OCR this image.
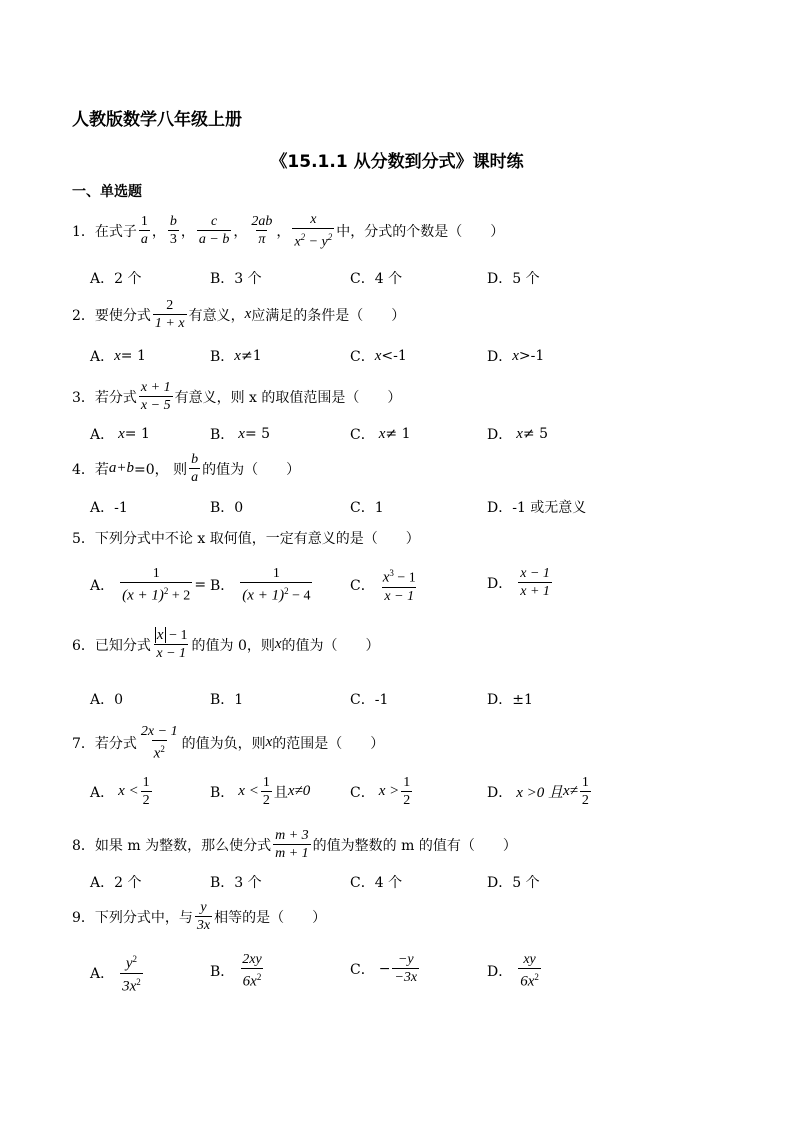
人教版数学八年级上册
《15.1.1 从分数到分式》课时练
一、单选题
1．在式子 $\frac{1}{a}$ ， $\frac{b}{3}$ ， $\frac{c}{a - b}$ ， $\frac{2ab}{\pi}$ ， $\frac{x}{x^2 - y^2}$ 中，分式的个数是（　　）
A．2 个	B．3 个	C．4 个	D．5 个
2．要使分式 $\frac{2}{1 + x}$ 有意义， x 应满足的条件是（　　）
A． x = 1	B． x ≠1	C． x <-1	D． x >-1
3．若分式 $\frac{x + 1}{x - 5}$ 有意义，则 x 的取值范围是（　　）
A． x = 1	B． x = 5	C． x ≠ 1	D． x ≠ 5
4．若 a+b =0， 则 $\frac{b}{a}$ 的值为（　　）
A．-1	B．0	C．1	D．-1 或无意义
5．下列分式中不论 x 取何值，一定有意义的是（　　）
A． $\frac{1}{(x + 1)^2 + 2} = B$． $\frac{1}{(x + 1)^2 - 4}$	C． $\frac{x^3 - 1}{x - 1}$	D． $\frac{x - 1}{x + 1}$
6．已知分式 $\frac{x - 1}{x - 1}$ 的值为 0，则 x 的值为（　　）
A．0	B．1	C．-1	D．±1
7．若分式 $\frac{2x - 1}{x^2}$ 的值为负，则 x 的范围是（　　）
A． $x < \frac{1}{2}$	B． $x < \frac{1}{2}$ 且 x≠0	C． $x > \frac{1}{2}$	D． x >0 且 $x\ne \frac{1}{2}$
8．如果 m 为整数，那么使分式 $\frac{m + 3}{m + 1}$ 的值为整数的 m 的值有（　　）
A．2 个	B．3 个	C．4 个	D．5 个
9．下列分式中，与 $\frac{y}{3x}$ 相等的是（　　）
A． $\frac{y^2}{3x^2}$	B． $\frac{2xy}{6x^2}$	C． − $\frac{-y}{-3x}$	D． $\frac{xy}{6x^2}$
